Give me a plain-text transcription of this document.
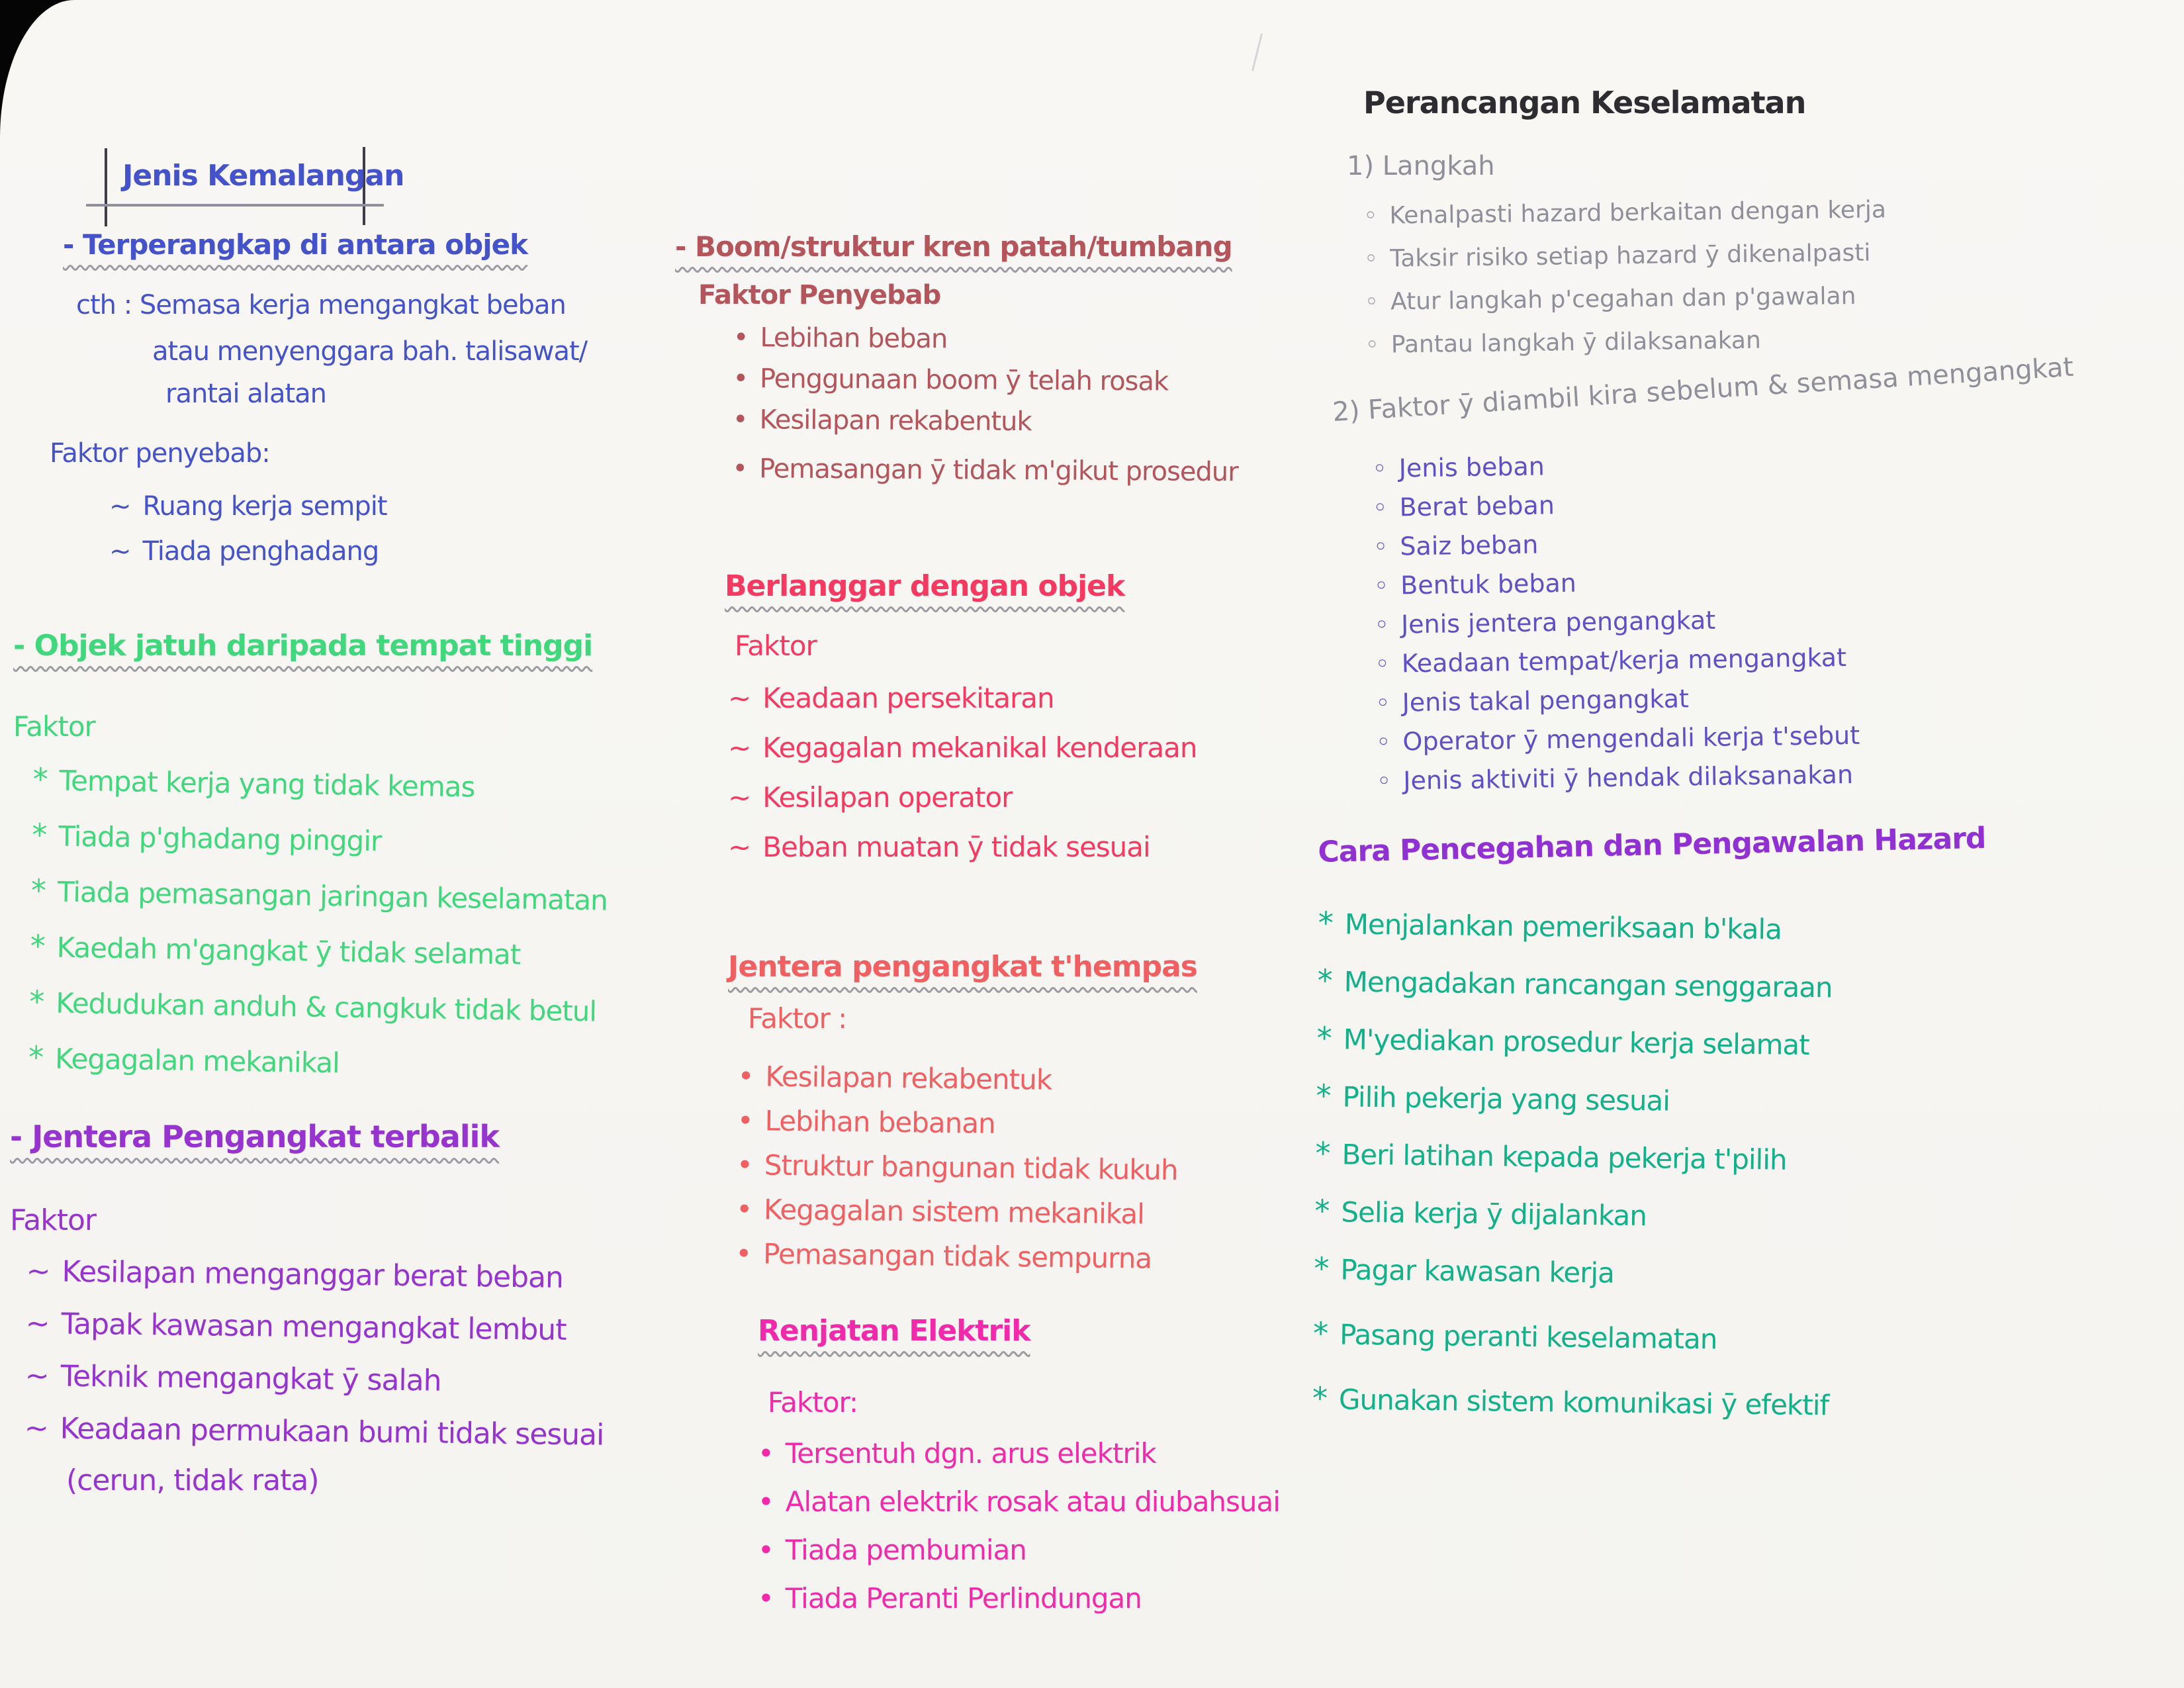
Jenis Kemalangan
- Terperangkap di antara objek
cth : Semasa kerja mengangkat beban
atau menyenggara bah. talisawat/
rantai alatan
Faktor penyebab:
~ Ruang kerja sempit
~ Tiada penghadang
- Objek jatuh daripada tempat tinggi
Faktor
* Tempat kerja yang tidak kemas
* Tiada p'ghadang pinggir
* Tiada pemasangan jaringan keselamatan
* Kaedah m'gangkat ȳ tidak selamat
* Kedudukan anduh & cangkuk tidak betul
* Kegagalan mekanikal
- Jentera Pengangkat terbalik
Faktor
~ Kesilapan menganggar berat beban
~ Tapak kawasan mengangkat lembut
~ Teknik mengangkat ȳ salah
~ Keadaan permukaan bumi tidak sesuai
(cerun, tidak rata)
- Boom/struktur kren patah/tumbang
Faktor Penyebab
• Lebihan beban
• Penggunaan boom ȳ telah rosak
• Kesilapan rekabentuk
• Pemasangan ȳ tidak m'gikut prosedur
Berlanggar dengan objek
Faktor
~ Keadaan persekitaran
~ Kegagalan mekanikal kenderaan
~ Kesilapan operator
~ Beban muatan ȳ tidak sesuai
Jentera pengangkat t'hempas
Faktor :
• Kesilapan rekabentuk
• Lebihan bebanan
• Struktur bangunan tidak kukuh
• Kegagalan sistem mekanikal
• Pemasangan tidak sempurna
Renjatan Elektrik
Faktor:
• Tersentuh dgn. arus elektrik
• Alatan elektrik rosak atau diubahsuai
• Tiada pembumian
• Tiada Peranti Perlindungan
Perancangan Keselamatan
1) Langkah
◦ Kenalpasti hazard berkaitan dengan kerja
◦ Taksir risiko setiap hazard ȳ dikenalpasti
◦ Atur langkah p'cegahan dan p'gawalan
◦ Pantau langkah ȳ dilaksanakan
2) Faktor ȳ diambil kira sebelum & semasa mengangkat
◦ Jenis beban
◦ Berat beban
◦ Saiz beban
◦ Bentuk beban
◦ Jenis jentera pengangkat
◦ Keadaan tempat/kerja mengangkat
◦ Jenis takal pengangkat
◦ Operator ȳ mengendali kerja t'sebut
◦ Jenis aktiviti ȳ hendak dilaksanakan
Cara Pencegahan dan Pengawalan Hazard
* Menjalankan pemeriksaan b'kala
* Mengadakan rancangan senggaraan
* M'yediakan prosedur kerja selamat
* Pilih pekerja yang sesuai
* Beri latihan kepada pekerja t'pilih
* Selia kerja ȳ dijalankan
* Pagar kawasan kerja
* Pasang peranti keselamatan
* Gunakan sistem komunikasi ȳ efektif
